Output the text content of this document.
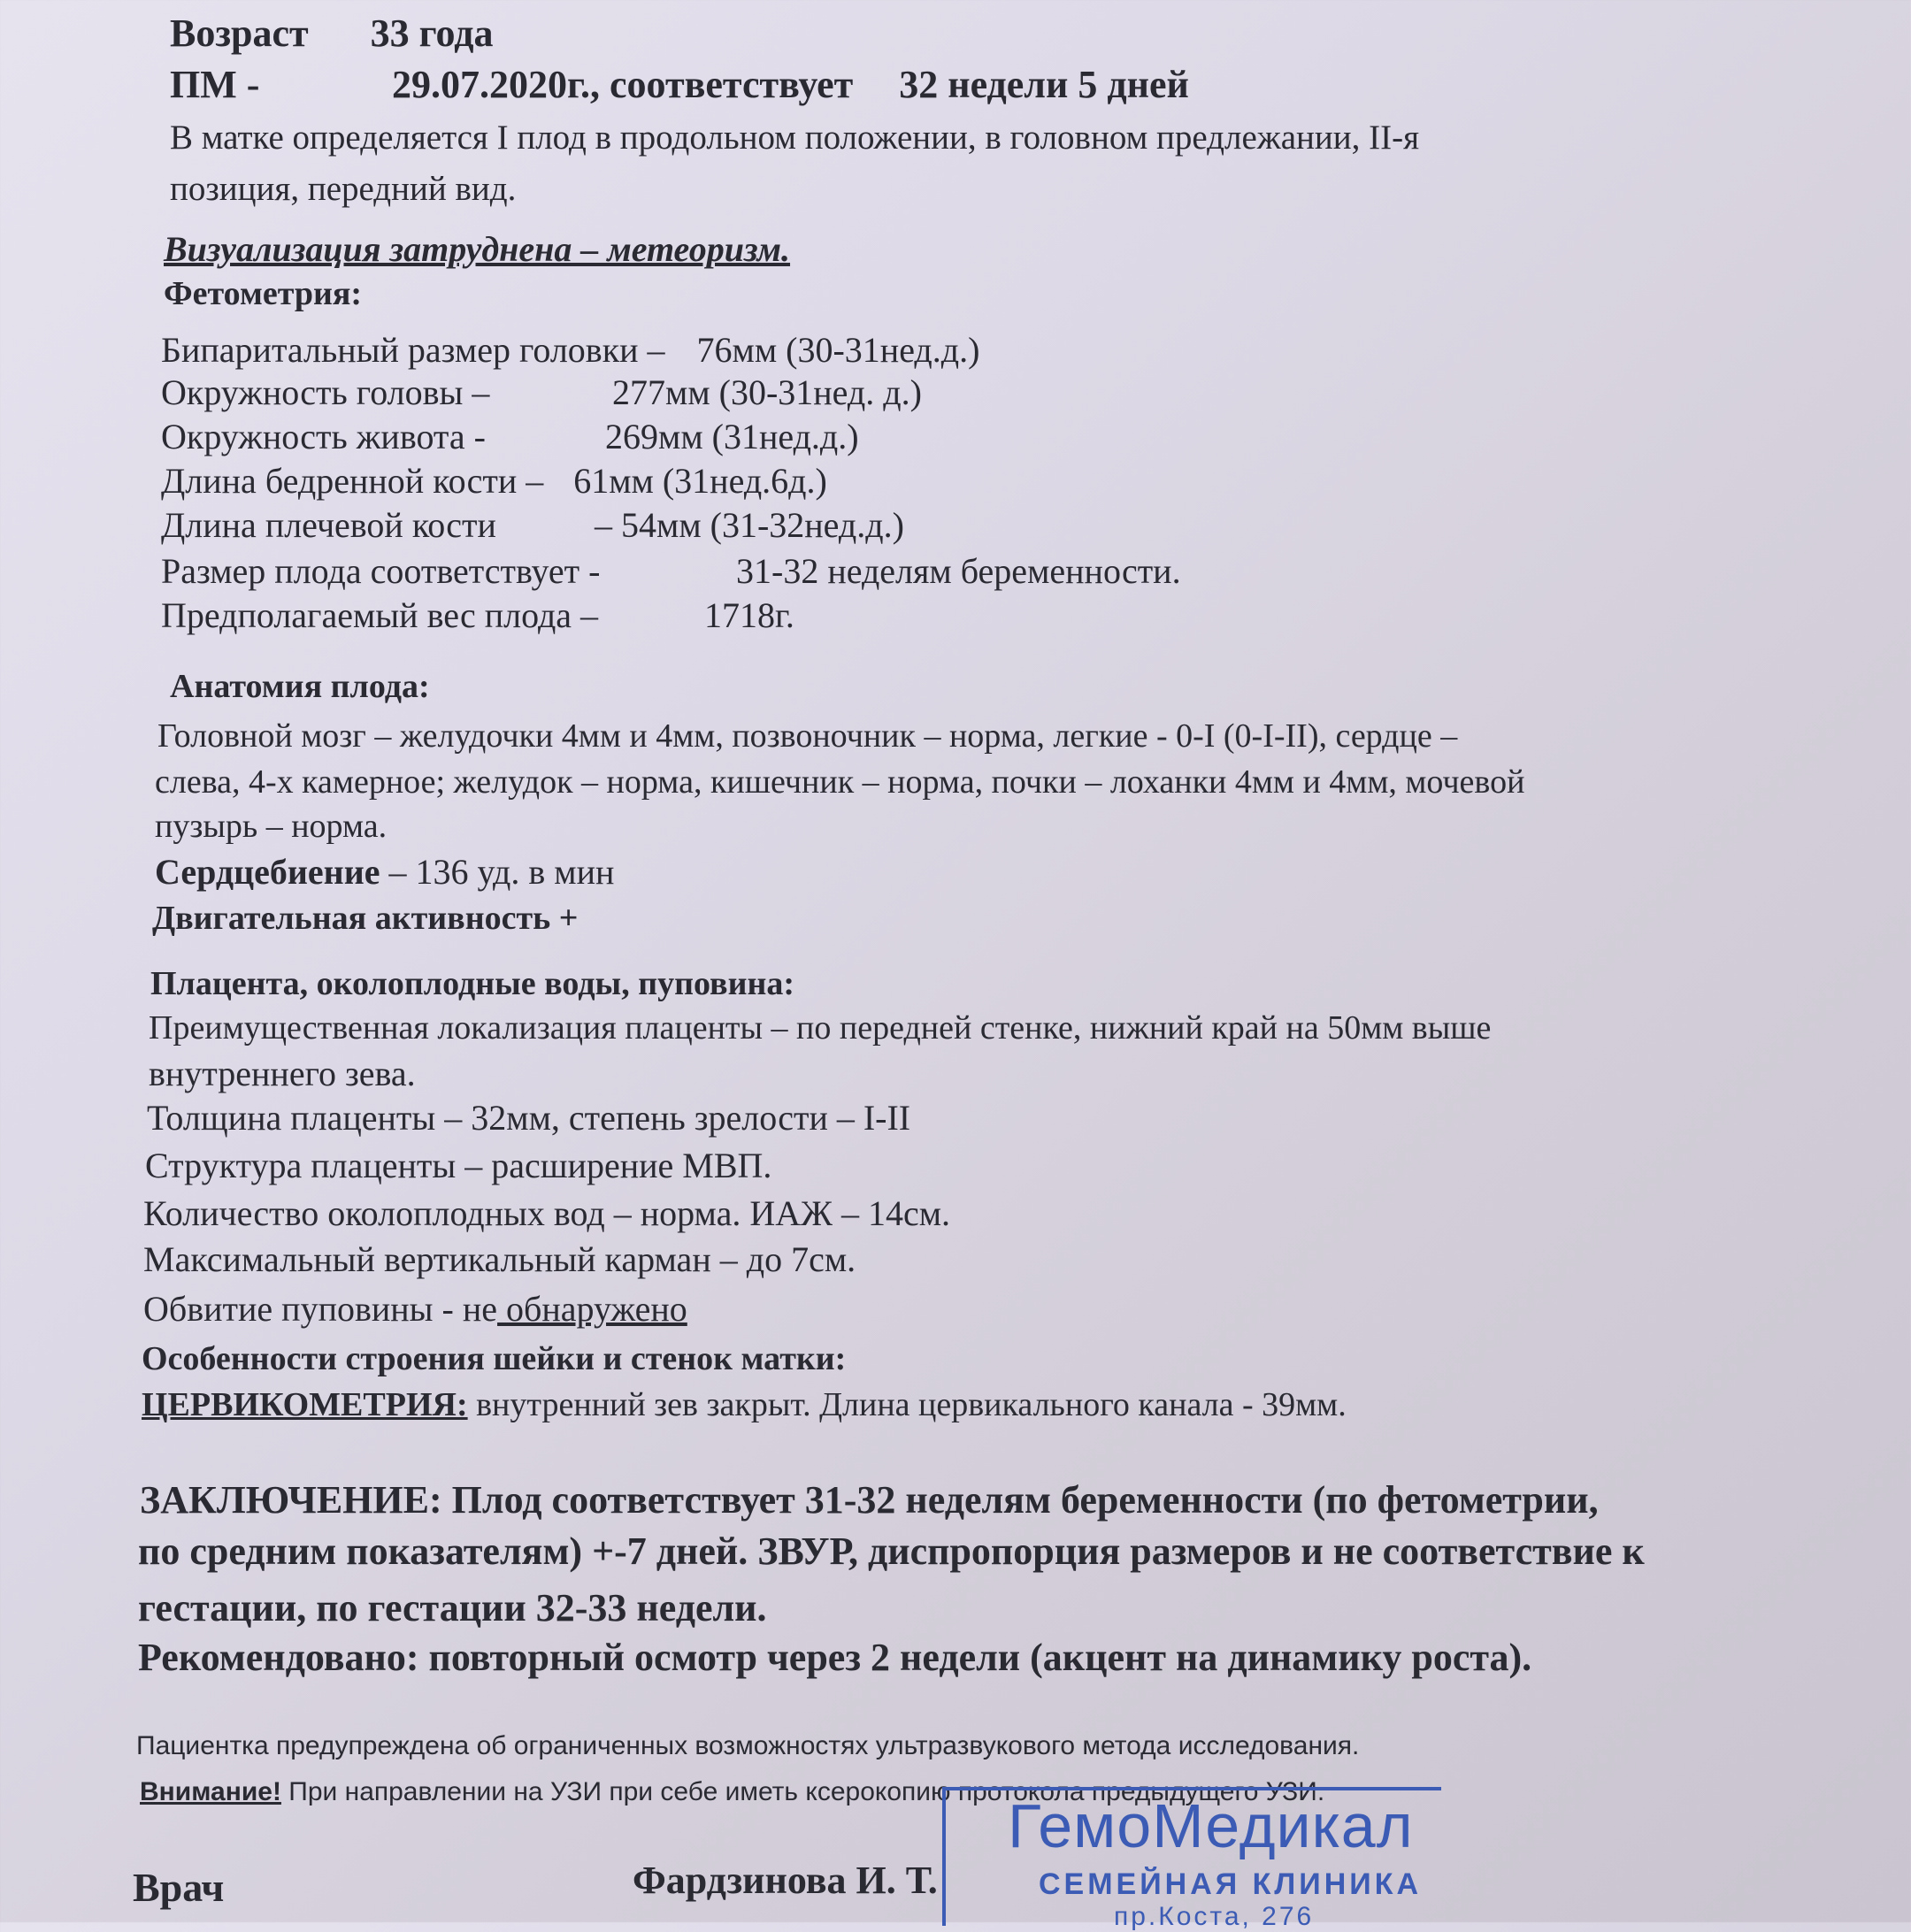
Возраст 33 года
ПМ -	29.07.2020г., соответствует 32 недели 5 дней
В матке определяется I плод в продольном положении, в головном предлежании, II-я
позиция, передний вид.
Визуализация затруднена – метеоризм.
Фетометрия:
Бипаритальный размер головки – 76мм (30-31нед.д.)
Окружность головы –	277мм (30-31нед. д.)
Окружность живота -	269мм (31нед.д.)
Длина бедренной кости – 61мм (31нед.6д.)
Длина плечевой кости	– 54мм (31-32нед.д.)
Размер плода соответствует -	31-32 неделям беременности.
Предполагаемый вес плода –	1718г.
Анатомия плода:
Головной мозг – желудочки 4мм и 4мм, позвоночник – норма, легкие - 0-I (0-I-II), сердце –
слева, 4-х камерное; желудок – норма, кишечник – норма, почки – лоханки 4мм и 4мм, мочевой
пузырь – норма.
Сердцебиение – 136 уд. в мин
Двигательная активность +
Плацента, околоплодные воды, пуповина:
Преимущественная локализация плаценты – по передней стенке, нижний край на 50мм выше
внутреннего зева.
Толщина плаценты – 32мм, степень зрелости – I-II
Структура плаценты – расширение МВП.
Количество околоплодных вод – норма. ИАЖ – 14см.
Максимальный вертикальный карман – до 7см.
Обвитие пуповины - не обнаружено
Особенности строения шейки и стенок матки:
ЦЕРВИКОМЕТРИЯ: внутренний зев закрыт. Длина цервикального канала - 39мм.
ЗАКЛЮЧЕНИЕ: Плод соответствует 31-32 неделям беременности (по фетометрии,
по средним показателям) +-7 дней. ЗВУР, диспропорция размеров и не соответствие к
гестации, по гестации 32-33 недели.
Рекомендовано: повторный осмотр через 2 недели (акцент на динамику роста).
Пациентка предупреждена об ограниченных возможностях ультразвукового метода исследования.
Внимание! При направлении на УЗИ при себе иметь ксерокопию протокола предыдущего УЗИ.
Врач	Фардзинова И. Т.
ГемоМедикал
СЕМЕЙНАЯ КЛИНИКА
пр.Коста, 276
